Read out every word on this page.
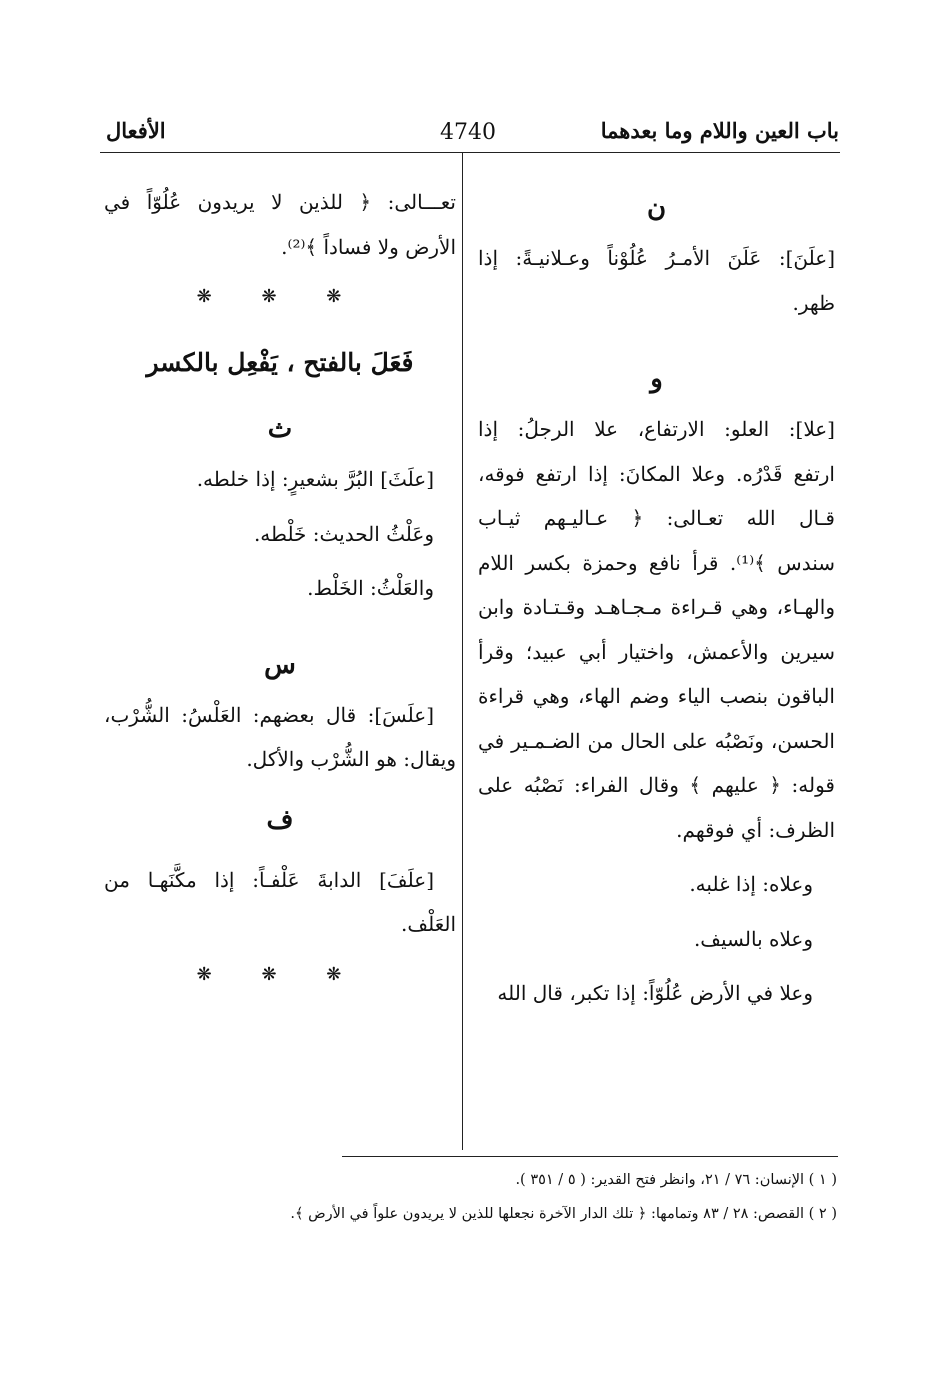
باب العين واللام وما بعدهما
4740
الأفعال
ن

[علَنَ]: عَلَنَ الأمـرُ عُلُوْناً وعـلانيـةً: إذا

ظهر.

و

[علا]: العلو: الارتفاع، علا الرجلُ: إذا

ارتفع قَدْرُه. وعلا المكانَ: إذا ارتفع فوقه،

قـال الله تعـالى: ﴿ عـاليـهم ثيـاب

سندس ﴾⁽¹⁾. قرأ نافع وحمزة بكسر اللام

والهـاء، وهي قـراءة مـجـاهـد وقـتـادة وابن

سيرين والأعمش، واختيار أبي عبيد؛ وقرأ

الباقون بنصب الياء وضم الهاء، وهي قراءة

الحسن، ونَصْبُه على الحال من الضـمـير في

قوله: ﴿ عليهم ﴾ وقال الفراء: نَصْبُه على

الظرف: أي فوقهم.

وعلاه: إذا غلبه.

وعلاه بالسيف.

وعلا في الأرض عُلُوّاً: إذا تكبر، قال الله

تعـــالى: ﴿ للذين لا يريدون عُلُوّاً في

الأرض ولا فساداً ﴾⁽²⁾.

❋ ❋ ❋
فَعَلَ بالفتح ، يَفْعِل بالكسر
ث

[علَثَ] البُرَّ بشعيرٍ: إذا خلطه.

وعَلْثُ الحديث: خَلْطه.

والعَلْثُ: الخَلْط.

س

[علَسَ]: قال بعضهم: العَلْسُ: الشُّرْب،

ويقال: هو الشُّرْب والأكل.

ف

[علَفَ] الدابةَ عَلْفـاً: إذا مكَّنَهـا من

العَلْف.

❋ ❋ ❋
( ١ ) الإنسان: ٧٦ / ٢١، وانظر فتح القدير: ( ٥ / ٣٥١ ).
( ٢ ) القصص: ٢٨ / ٨٣ وتمامها: ﴿ تلك الدار الآخرة نجعلها للذين لا يريدون علواً في الأرض ﴾.
